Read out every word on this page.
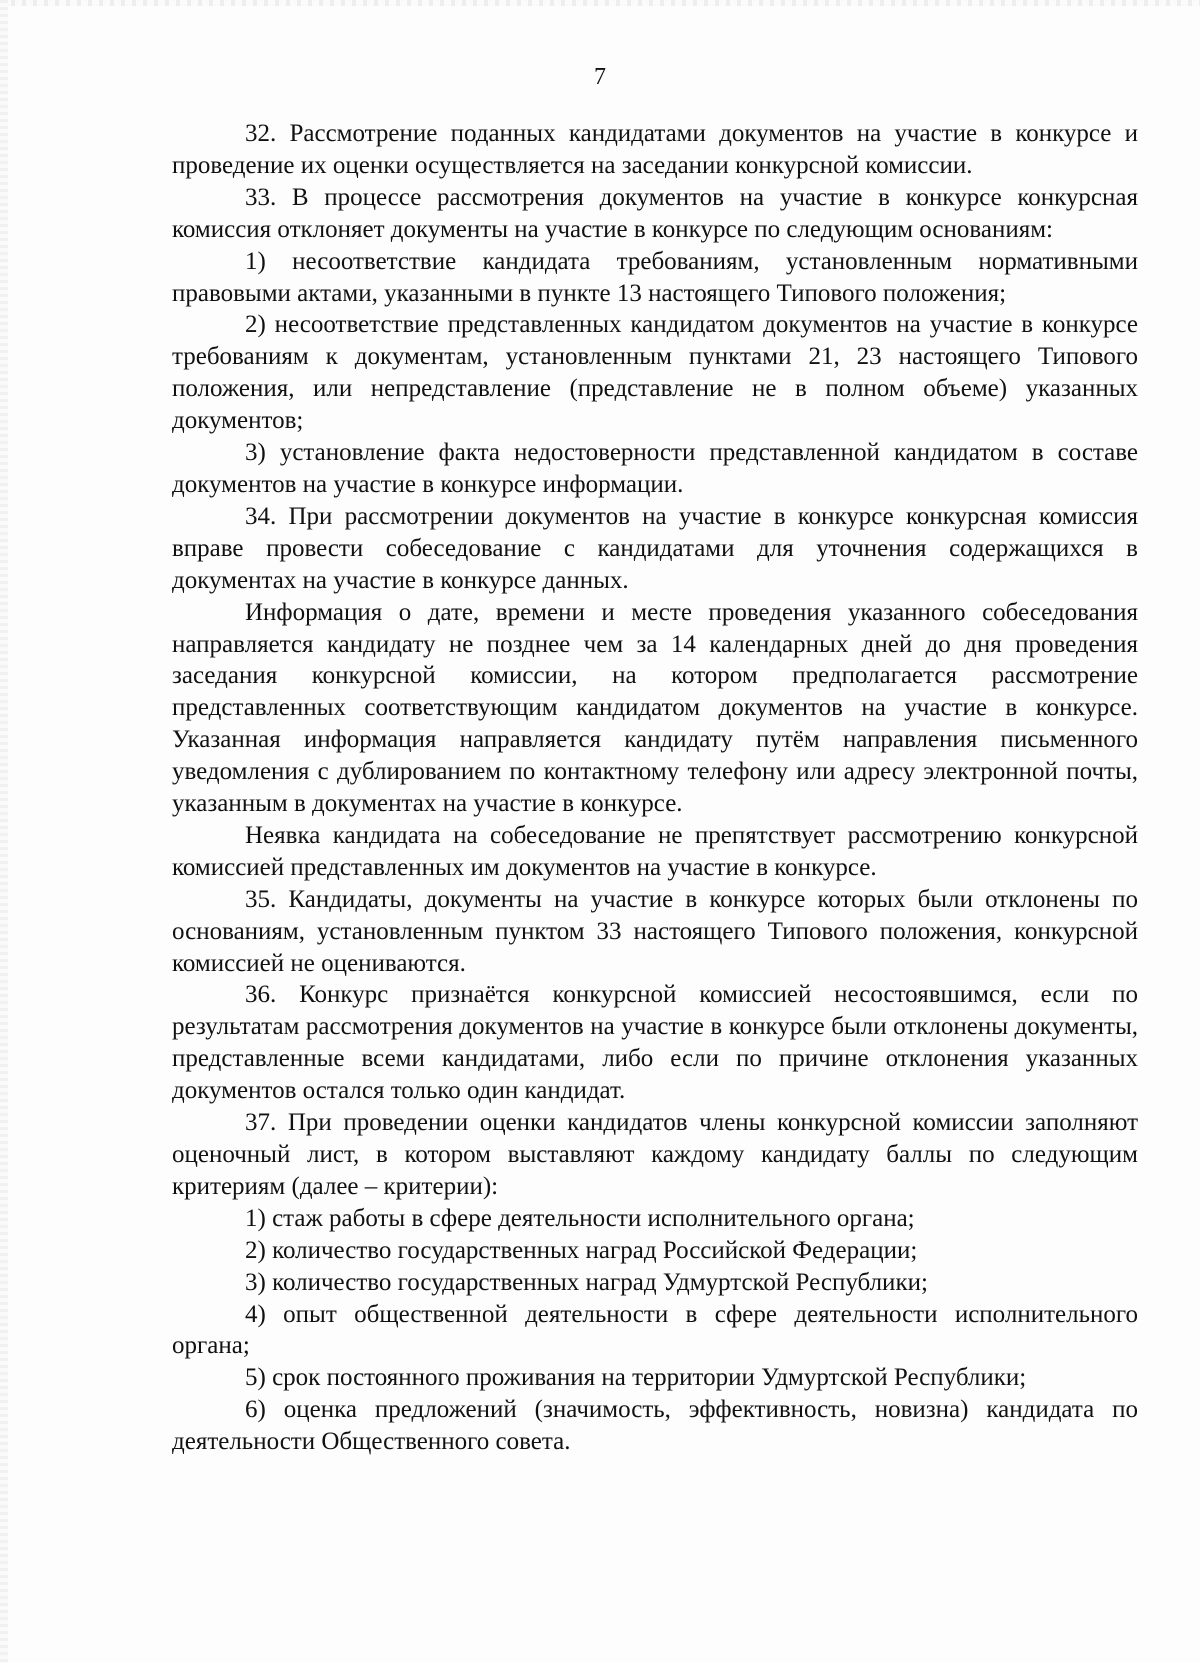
7

32. Рассмотрение поданных кандидатами документов на участие в конкурсе и проведение их оценки осуществляется на заседании конкурсной комиссии.

33. В процессе рассмотрения документов на участие в конкурсе конкурсная комиссия отклоняет документы на участие в конкурсе по следующим основаниям:

1) несоответствие кандидата требованиям, установленным нормативными правовыми актами, указанными в пункте 13 настоящего Типового положения;

2) несоответствие представленных кандидатом документов на участие в конкурсе требованиям к документам, установленным пунктами 21, 23 настоящего Типового положения, или непредставление (представление не в полном объеме) указанных документов;

3) установление факта недостоверности представленной кандидатом в составе документов на участие в конкурсе информации.

34. При рассмотрении документов на участие в конкурсе конкурсная комиссия вправе провести собеседование с кандидатами для уточнения содержащихся в документах на участие в конкурсе данных.

Информация о дате, времени и месте проведения указанного собеседования направляется кандидату не позднее чем за 14 календарных дней до дня проведения заседания конкурсной комиссии, на котором предполагается рассмотрение представленных соответствующим кандидатом документов на участие в конкурсе. Указанная информация направляется кандидату путём направления письменного уведомления с дублированием по контактному телефону или адресу электронной почты, указанным в документах на участие в конкурсе.

Неявка кандидата на собеседование не препятствует рассмотрению конкурсной комиссией представленных им документов на участие в конкурсе.

35. Кандидаты, документы на участие в конкурсе которых были отклонены по основаниям, установленным пунктом 33 настоящего Типового положения, конкурсной комиссией не оцениваются.

36. Конкурс признаётся конкурсной комиссией несостоявшимся, если по результатам рассмотрения документов на участие в конкурсе были отклонены документы, представленные всеми кандидатами, либо если по причине отклонения указанных документов остался только один кандидат.

37. При проведении оценки кандидатов члены конкурсной комиссии заполняют оценочный лист, в котором выставляют каждому кандидату баллы по следующим критериям (далее – критерии):

1) стаж работы в сфере деятельности исполнительного органа;

2) количество государственных наград Российской Федерации;

3) количество государственных наград Удмуртской Республики;

4) опыт общественной деятельности в сфере деятельности исполнительного органа;

5) срок постоянного проживания на территории Удмуртской Республики;

6) оценка предложений (значимость, эффективность, новизна) кандидата по деятельности Общественного совета.
